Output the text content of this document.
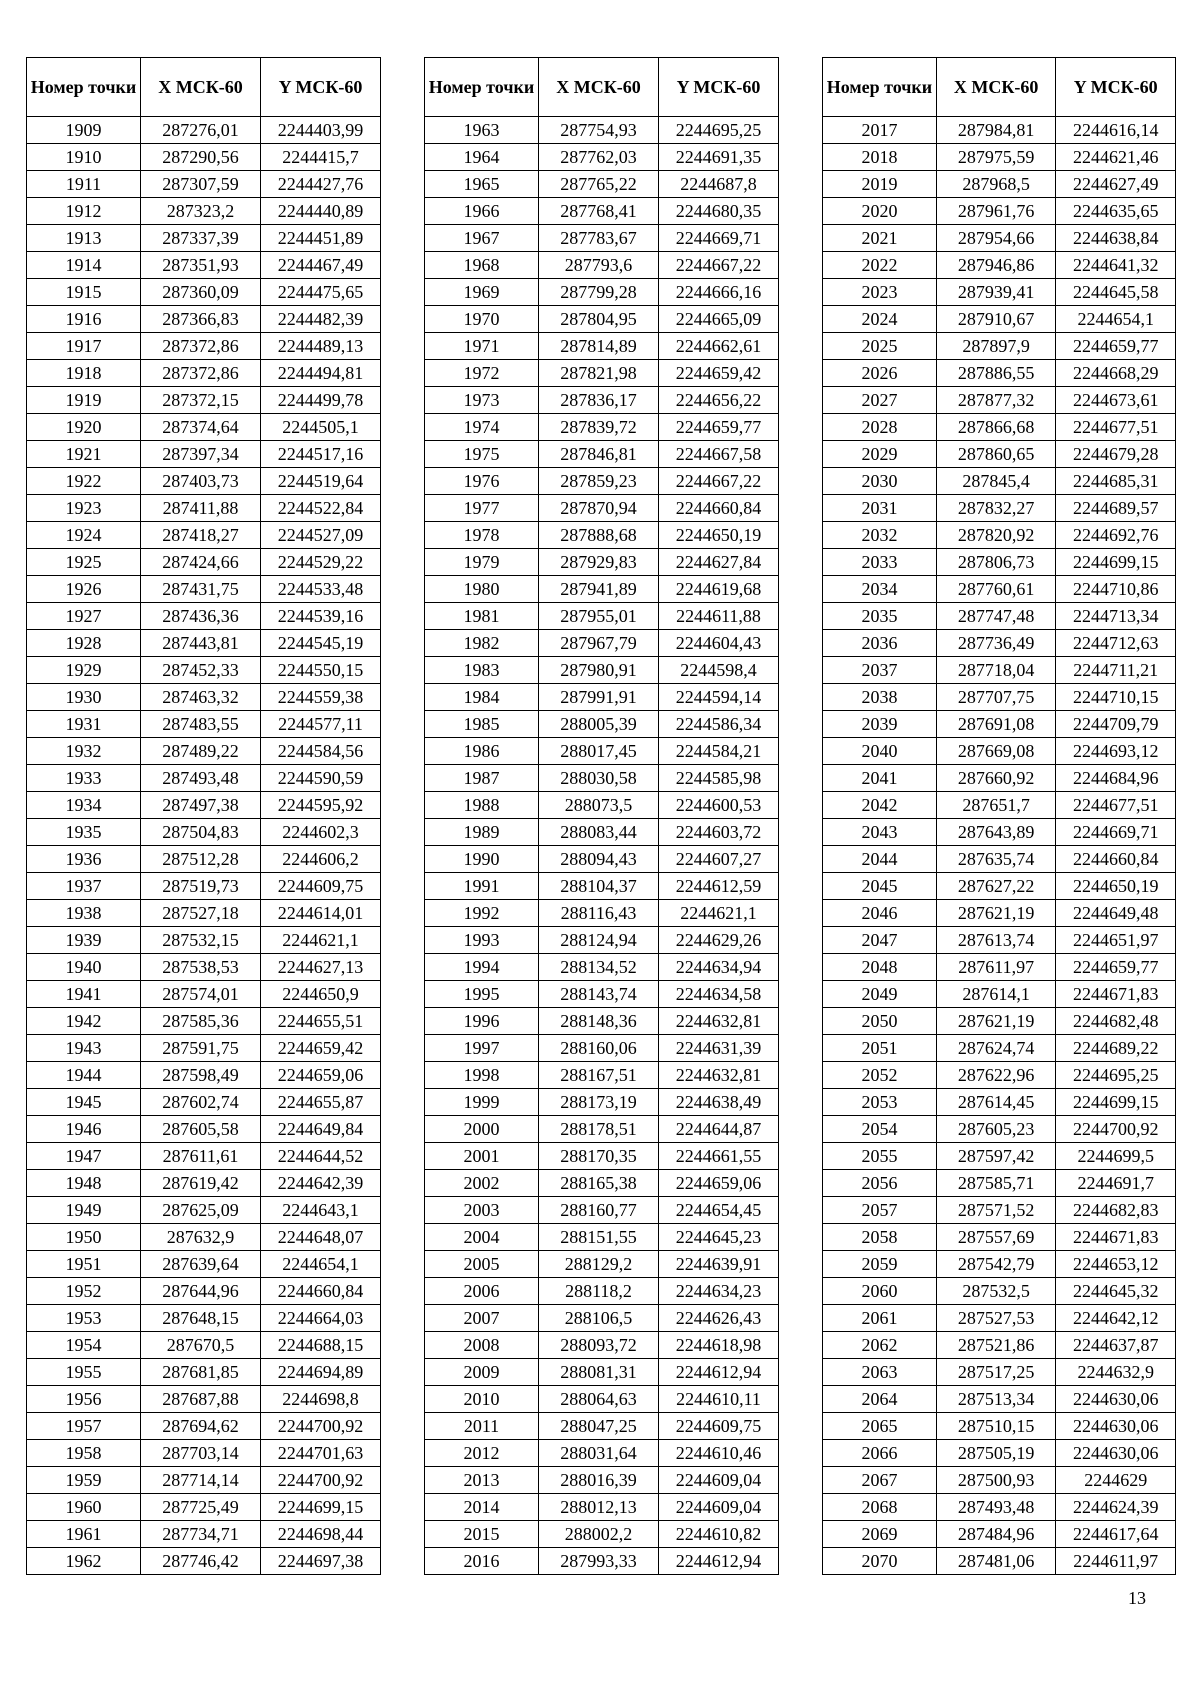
Номер точки	X МСК-60	Y МСК-60
1909	287276,01	2244403,99
1910	287290,56	2244415,7
1911	287307,59	2244427,76
1912	287323,2	2244440,89
1913	287337,39	2244451,89
1914	287351,93	2244467,49
1915	287360,09	2244475,65
1916	287366,83	2244482,39
1917	287372,86	2244489,13
1918	287372,86	2244494,81
1919	287372,15	2244499,78
1920	287374,64	2244505,1
1921	287397,34	2244517,16
1922	287403,73	2244519,64
1923	287411,88	2244522,84
1924	287418,27	2244527,09
1925	287424,66	2244529,22
1926	287431,75	2244533,48
1927	287436,36	2244539,16
1928	287443,81	2244545,19
1929	287452,33	2244550,15
1930	287463,32	2244559,38
1931	287483,55	2244577,11
1932	287489,22	2244584,56
1933	287493,48	2244590,59
1934	287497,38	2244595,92
1935	287504,83	2244602,3
1936	287512,28	2244606,2
1937	287519,73	2244609,75
1938	287527,18	2244614,01
1939	287532,15	2244621,1
1940	287538,53	2244627,13
1941	287574,01	2244650,9
1942	287585,36	2244655,51
1943	287591,75	2244659,42
1944	287598,49	2244659,06
1945	287602,74	2244655,87
1946	287605,58	2244649,84
1947	287611,61	2244644,52
1948	287619,42	2244642,39
1949	287625,09	2244643,1
1950	287632,9	2244648,07
1951	287639,64	2244654,1
1952	287644,96	2244660,84
1953	287648,15	2244664,03
1954	287670,5	2244688,15
1955	287681,85	2244694,89
1956	287687,88	2244698,8
1957	287694,62	2244700,92
1958	287703,14	2244701,63
1959	287714,14	2244700,92
1960	287725,49	2244699,15
1961	287734,71	2244698,44
1962	287746,42	2244697,38
Номер точки	X МСК-60	Y МСК-60
1963	287754,93	2244695,25
1964	287762,03	2244691,35
1965	287765,22	2244687,8
1966	287768,41	2244680,35
1967	287783,67	2244669,71
1968	287793,6	2244667,22
1969	287799,28	2244666,16
1970	287804,95	2244665,09
1971	287814,89	2244662,61
1972	287821,98	2244659,42
1973	287836,17	2244656,22
1974	287839,72	2244659,77
1975	287846,81	2244667,58
1976	287859,23	2244667,22
1977	287870,94	2244660,84
1978	287888,68	2244650,19
1979	287929,83	2244627,84
1980	287941,89	2244619,68
1981	287955,01	2244611,88
1982	287967,79	2244604,43
1983	287980,91	2244598,4
1984	287991,91	2244594,14
1985	288005,39	2244586,34
1986	288017,45	2244584,21
1987	288030,58	2244585,98
1988	288073,5	2244600,53
1989	288083,44	2244603,72
1990	288094,43	2244607,27
1991	288104,37	2244612,59
1992	288116,43	2244621,1
1993	288124,94	2244629,26
1994	288134,52	2244634,94
1995	288143,74	2244634,58
1996	288148,36	2244632,81
1997	288160,06	2244631,39
1998	288167,51	2244632,81
1999	288173,19	2244638,49
2000	288178,51	2244644,87
2001	288170,35	2244661,55
2002	288165,38	2244659,06
2003	288160,77	2244654,45
2004	288151,55	2244645,23
2005	288129,2	2244639,91
2006	288118,2	2244634,23
2007	288106,5	2244626,43
2008	288093,72	2244618,98
2009	288081,31	2244612,94
2010	288064,63	2244610,11
2011	288047,25	2244609,75
2012	288031,64	2244610,46
2013	288016,39	2244609,04
2014	288012,13	2244609,04
2015	288002,2	2244610,82
2016	287993,33	2244612,94
Номер точки	X МСК-60	Y МСК-60
2017	287984,81	2244616,14
2018	287975,59	2244621,46
2019	287968,5	2244627,49
2020	287961,76	2244635,65
2021	287954,66	2244638,84
2022	287946,86	2244641,32
2023	287939,41	2244645,58
2024	287910,67	2244654,1
2025	287897,9	2244659,77
2026	287886,55	2244668,29
2027	287877,32	2244673,61
2028	287866,68	2244677,51
2029	287860,65	2244679,28
2030	287845,4	2244685,31
2031	287832,27	2244689,57
2032	287820,92	2244692,76
2033	287806,73	2244699,15
2034	287760,61	2244710,86
2035	287747,48	2244713,34
2036	287736,49	2244712,63
2037	287718,04	2244711,21
2038	287707,75	2244710,15
2039	287691,08	2244709,79
2040	287669,08	2244693,12
2041	287660,92	2244684,96
2042	287651,7	2244677,51
2043	287643,89	2244669,71
2044	287635,74	2244660,84
2045	287627,22	2244650,19
2046	287621,19	2244649,48
2047	287613,74	2244651,97
2048	287611,97	2244659,77
2049	287614,1	2244671,83
2050	287621,19	2244682,48
2051	287624,74	2244689,22
2052	287622,96	2244695,25
2053	287614,45	2244699,15
2054	287605,23	2244700,92
2055	287597,42	2244699,5
2056	287585,71	2244691,7
2057	287571,52	2244682,83
2058	287557,69	2244671,83
2059	287542,79	2244653,12
2060	287532,5	2244645,32
2061	287527,53	2244642,12
2062	287521,86	2244637,87
2063	287517,25	2244632,9
2064	287513,34	2244630,06
2065	287510,15	2244630,06
2066	287505,19	2244630,06
2067	287500,93	2244629
2068	287493,48	2244624,39
2069	287484,96	2244617,64
2070	287481,06	2244611,97
13
